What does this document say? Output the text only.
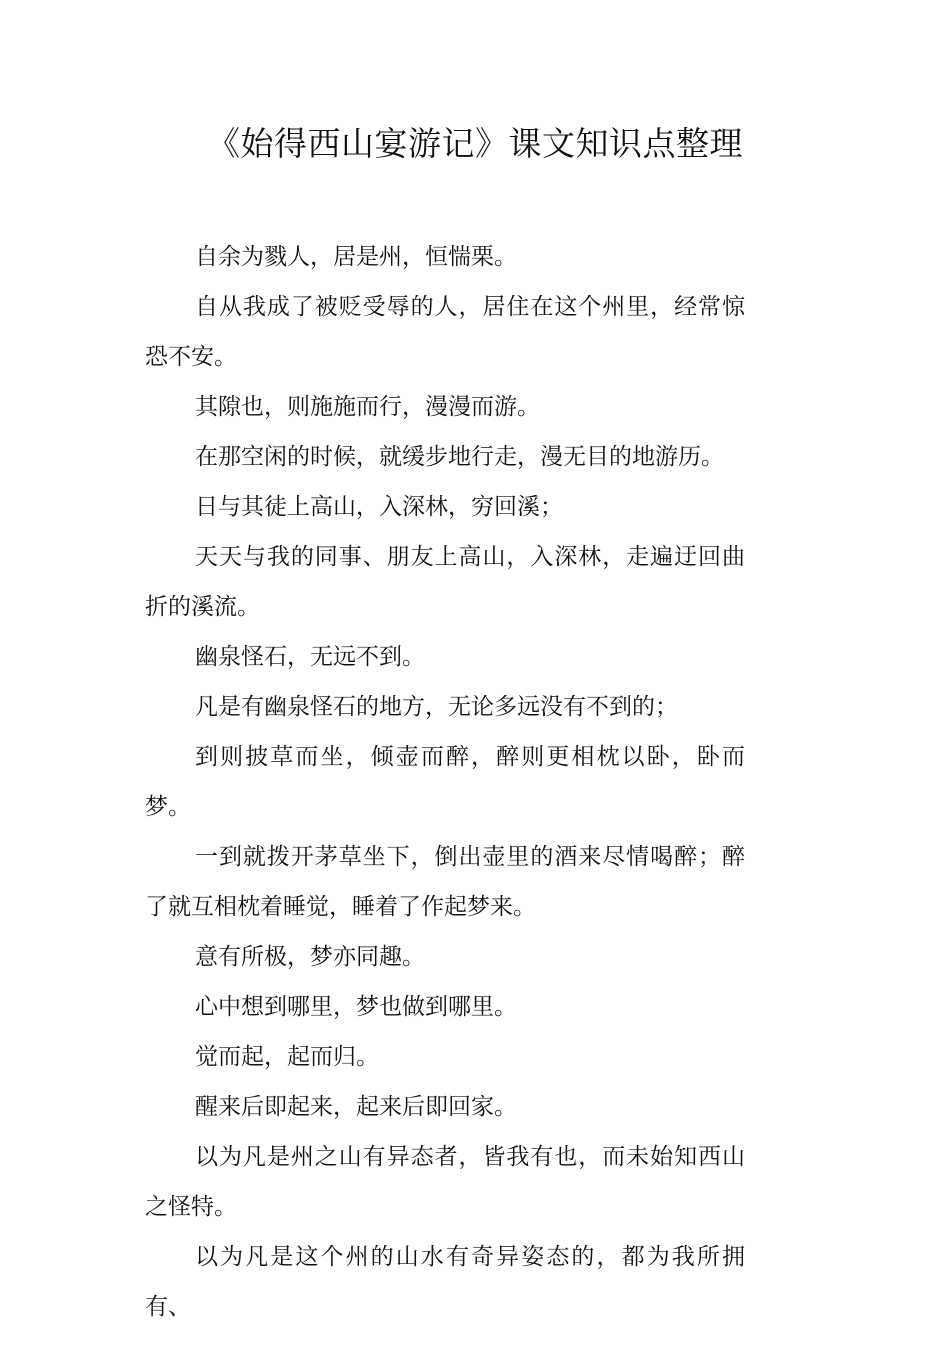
《始得西山宴游记》课文知识点整理

自余为戮人，居是州，恒惴栗。

自从我成了被贬受辱的人，居住在这个州里，经常惊恐不安。

其隙也，则施施而行，漫漫而游。

在那空闲的时候，就缓步地行走，漫无目的地游历。

日与其徒上高山，入深林，穷回溪；

天天与我的同事、朋友上高山，入深林，走遍迂回曲折的溪流。

幽泉怪石，无远不到。

凡是有幽泉怪石的地方，无论多远没有不到的；

到则披草而坐，倾壶而醉，醉则更相枕以卧，卧而梦。

一到就拨开茅草坐下，倒出壶里的酒来尽情喝醉；醉了就互相枕着睡觉，睡着了作起梦来。

意有所极，梦亦同趣。

心中想到哪里，梦也做到哪里。

觉而起，起而归。

醒来后即起来，起来后即回家。

以为凡是州之山有异态者，皆我有也，而未始知西山之怪特。

以为凡是这个州的山水有奇异姿态的，都为我所拥有、
